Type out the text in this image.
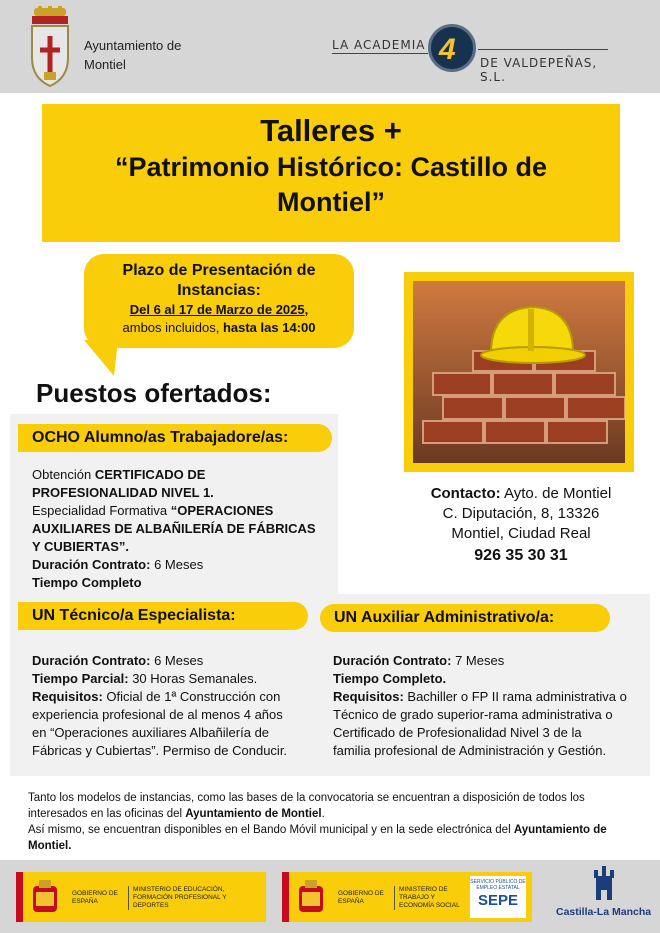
Ayuntamiento de
Montiel
LA ACADEMIA 4 DE VALDEPEÑAS, S.L.
Talleres +
“Patrimonio Histórico: Castillo de
Montiel”
Plazo de Presentación de Instancias:
Del 6 al 17 de Marzo de 2025,
ambos incluidos, hasta las 14:00
Puestos ofertados:
OCHO Alumno/as Trabajadore/as:
Obtención CERTIFICADO DE
PROFESIONALIDAD NIVEL 1.
Especialidad Formativa “OPERACIONES
AUXILIARES DE ALBAÑILERÍA DE FÁBRICAS
Y CUBIERTAS”.
Duración Contrato: 6 Meses
Tiempo Completo
Contacto: Ayto. de Montiel
C. Diputación, 8, 13326
Montiel, Ciudad Real
926 35 30 31
UN Técnico/a Especialista:	UN Auxiliar Administrativo/a:
Duración Contrato: 6 Meses
Tiempo Parcial: 30 Horas Semanales.
Requisitos: Oficial de 1ª Construcción con
experiencia profesional de al menos 4 años
en “Operaciones auxiliares Albañilería de
Fábricas y Cubiertas”. Permiso de Conducir.
Duración Contrato: 7 Meses
Tiempo Completo.
Requisitos: Bachiller o FP II rama administrativa o
Técnico de grado superior-rama administrativa o
Certificado de Profesionalidad Nivel 3 de la
familia profesional de Administración y Gestión.
Tanto los modelos de instancias, como las bases de la convocatoria se encuentran a disposición de todos los
interesados en las oficinas del Ayuntamiento de Montiel.
Así mismo, se encuentran disponibles en el Bando Móvil municipal y en la sede electrónica del Ayuntamiento de
Montiel.
GOBIERNO DE ESPAÑA
MINISTERIO DE EDUCACIÓN, FORMACIÓN PROFESIONAL Y DEPORTES
GOBIERNO DE ESPAÑA
MINISTERIO DE TRABAJO Y ECONOMÍA SOCIAL
SERVICIO PÚBLICO DE EMPLEO ESTATAL
SEPE
Castilla-La Mancha
